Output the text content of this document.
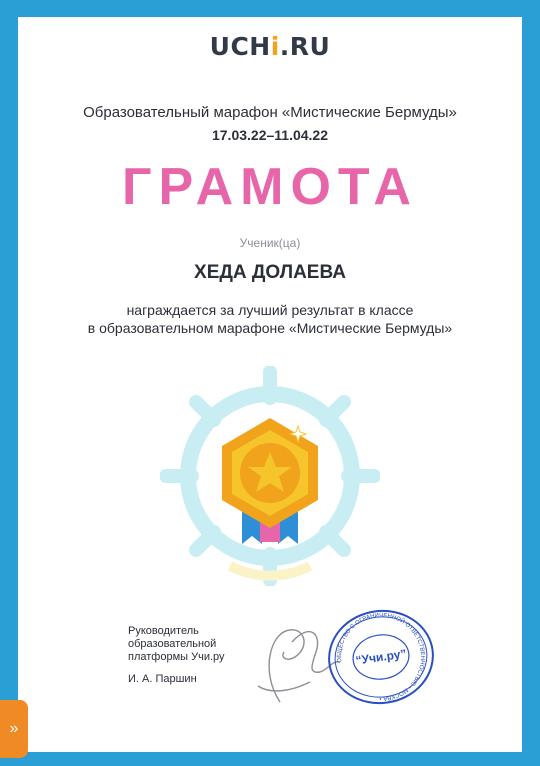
UCHi.RU
Образовательный марафон «Мистические Бермуды»
17.03.22–11.04.22
ГРАМОТА
Ученик(ца)
ХЕДА ДОЛАЕВА
награждается за лучший результат в классе
в образовательном марафоне «Мистические Бермуды»
Руководитель
образовательной
платформы Учи.ру
И. А. Паршин
ОБЩЕСТВО С ОГРАНИЧЕННОЙ ОТВЕТСТВЕННОСТЬЮ • МОСКВА •
“Учи.ру”
»
